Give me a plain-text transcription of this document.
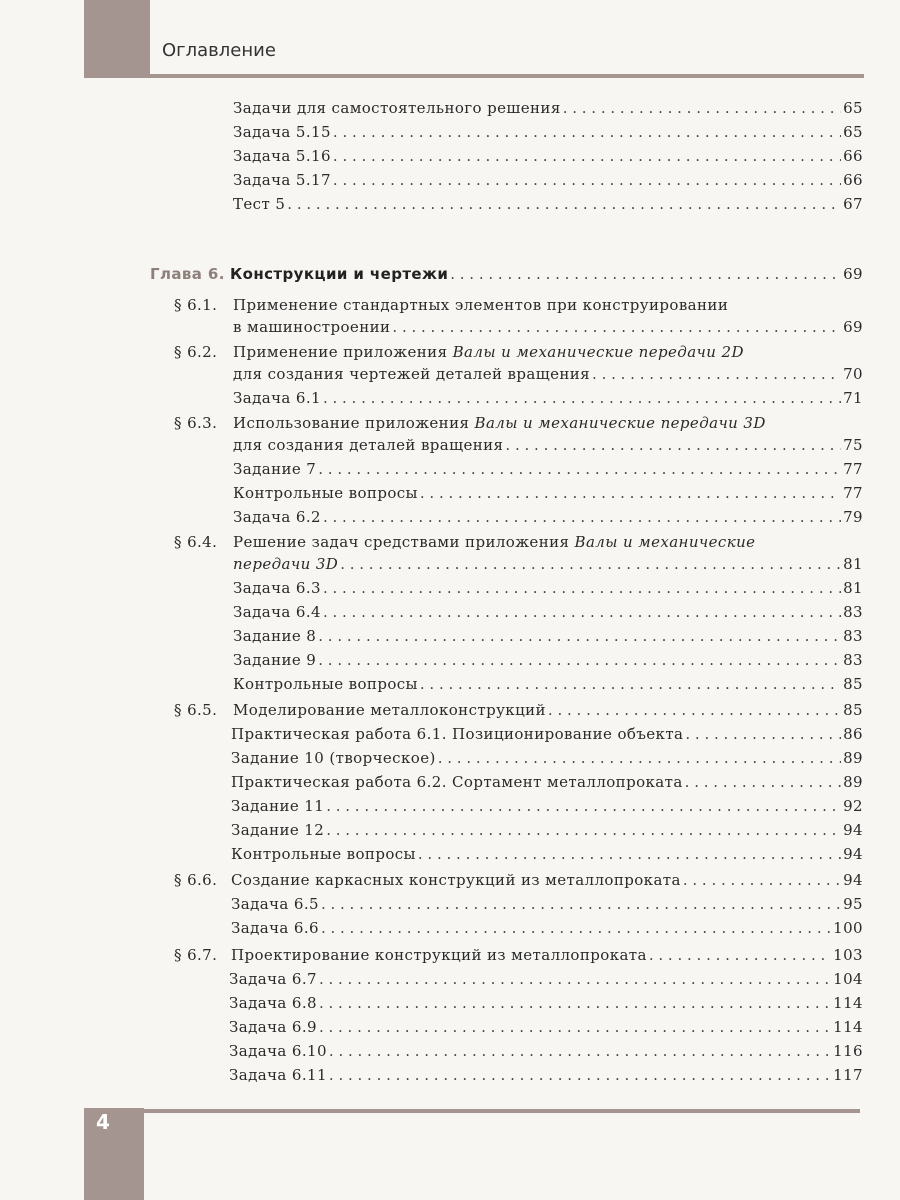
Оглавление
Задачи для самостоятельного решения . . .	65
Задача 5.15 . . .	65
Задача 5.16 . . .	66
Задача 5.17 . . .	66
Тест 5 . . .	67
Глава 6. Конструкции и чертежи . . .	69
§ 6.1. Применение стандартных элементов при конструировании
в машиностроении . . .	69
§ 6.2. Применение приложения Валы и механические передачи 2D
для создания чертежей деталей вращения . . .	70
Задача 6.1 . . .	71
§ 6.3. Использование приложения Валы и механические передачи 3D
для создания деталей вращения . . .	75
Задание 7 . . .	77
Контрольные вопросы . . .	77
Задача 6.2 . . .	79
§ 6.4. Решение задач средствами приложения Валы и механические
передачи 3D . . .	81
Задача 6.3 . . .	81
Задача 6.4 . . .	83
Задание 8 . . .	83
Задание 9 . . .	83
Контрольные вопросы . . .	85
§ 6.5. Моделирование металлоконструкций . . .	85
Практическая работа 6.1. Позиционирование объекта . . .	86
Задание 10 (творческое) . . .	89
Практическая работа 6.2. Сортамент металлопроката . . .	89
Задание 11 . . .	92
Задание 12 . . .	94
Контрольные вопросы . . .	94
§ 6.6. Создание каркасных конструкций из металлопроката . . .	94
Задача 6.5 . . .	95
Задача 6.6 . . .	100
§ 6.7. Проектирование конструкций из металлопроката . . .	103
Задача 6.7 . . .	104
Задача 6.8 . . .	114
Задача 6.9 . . .	114
Задача 6.10 . . .	116
Задача 6.11 . . .	117
4
